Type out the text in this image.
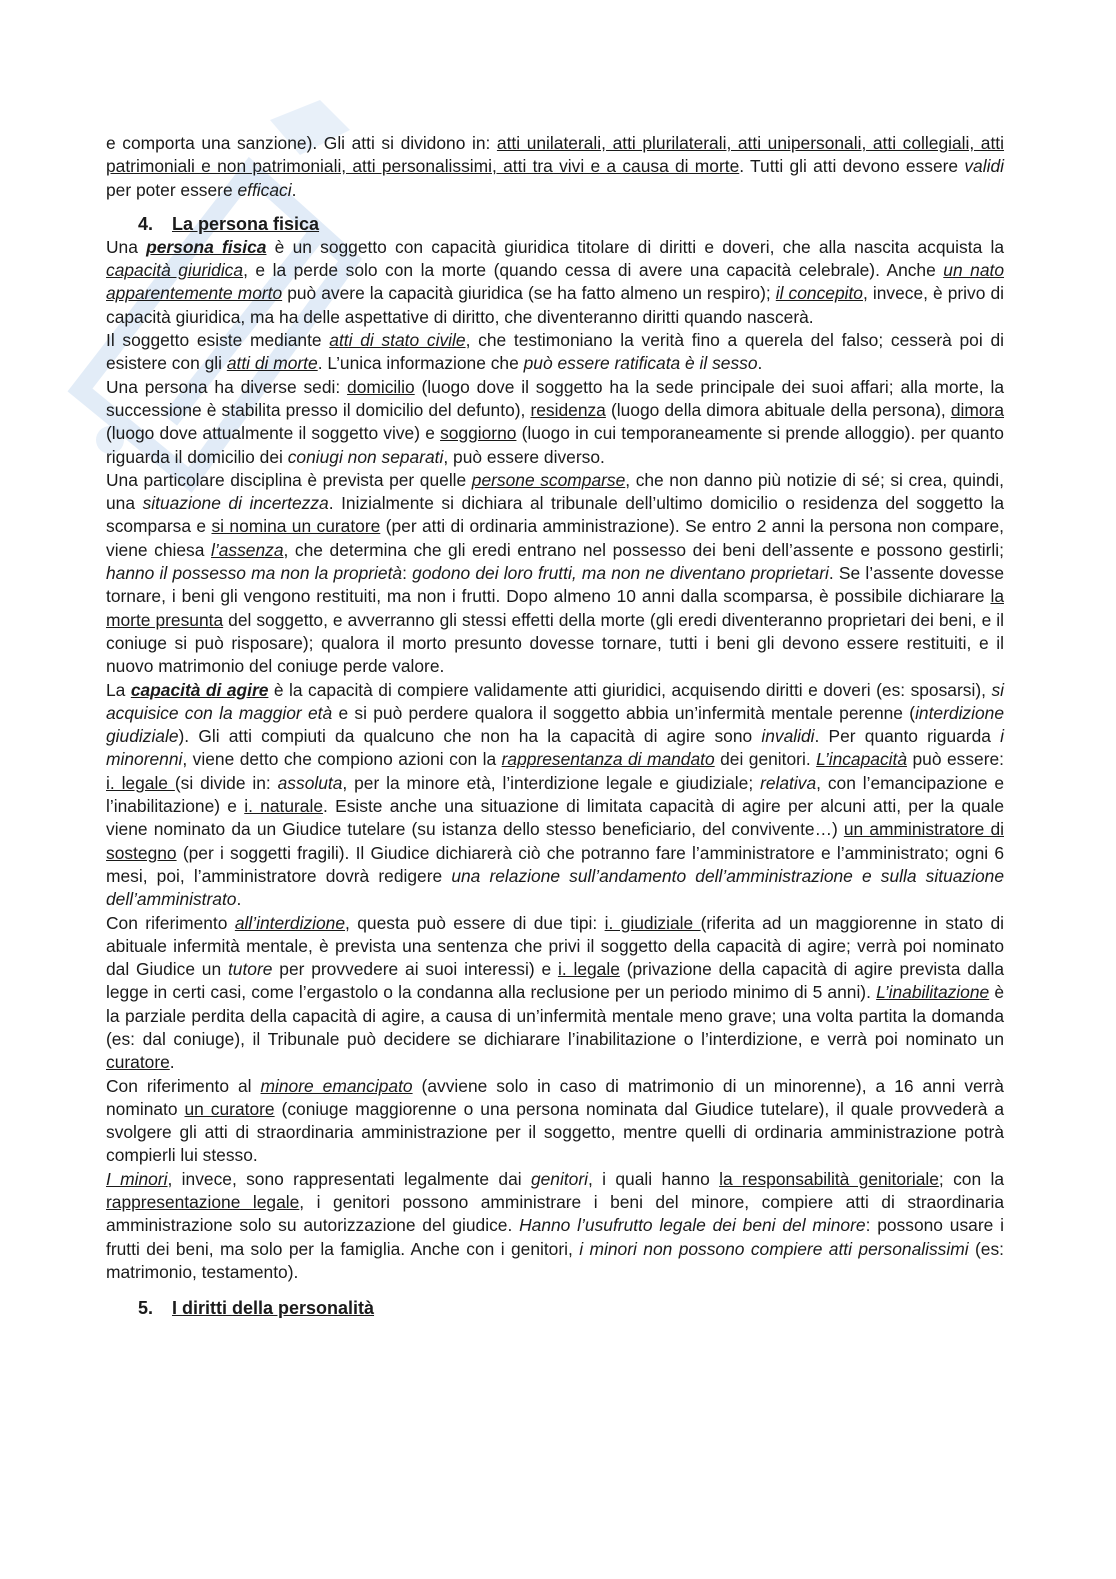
e comporta una sanzione). Gli atti si dividono in: atti unilaterali, atti plurilaterali, atti unipersonali, atti collegiali, atti patrimoniali e non patrimoniali, atti personalissimi, atti tra vivi e a causa di morte. Tutti gli atti devono essere validi per poter essere efficaci.

4. La persona fisica

Una persona fisica è un soggetto con capacità giuridica titolare di diritti e doveri, che alla nascita acquista la capacità giuridica, e la perde solo con la morte (quando cessa di avere una capacità celebrale). Anche un nato apparentemente morto può avere la capacità giuridica (se ha fatto almeno un respiro); il concepito, invece, è privo di capacità giuridica, ma ha delle aspettative di diritto, che diventeranno diritti quando nascerà.

Il soggetto esiste mediante atti di stato civile, che testimoniano la verità fino a querela del falso; cesserà poi di esistere con gli atti di morte. L’unica informazione che può essere ratificata è il sesso.

Una persona ha diverse sedi: domicilio (luogo dove il soggetto ha la sede principale dei suoi affari; alla morte, la successione è stabilita presso il domicilio del defunto), residenza (luogo della dimora abituale della persona), dimora (luogo dove attualmente il soggetto vive) e soggiorno (luogo in cui temporaneamente si prende alloggio). per quanto riguarda il domicilio dei coniugi non separati, può essere diverso.

Una particolare disciplina è prevista per quelle persone scomparse, che non danno più notizie di sé; si crea, quindi, una situazione di incertezza. Inizialmente si dichiara al tribunale dell’ultimo domicilio o residenza del soggetto la scomparsa e si nomina un curatore (per atti di ordinaria amministrazione). Se entro 2 anni la persona non compare, viene chiesa l’assenza, che determina che gli eredi entrano nel possesso dei beni dell’assente e possono gestirli; hanno il possesso ma non la proprietà: godono dei loro frutti, ma non ne diventano proprietari. Se l’assente dovesse tornare, i beni gli vengono restituiti, ma non i frutti. Dopo almeno 10 anni dalla scomparsa, è possibile dichiarare la morte presunta del soggetto, e avverranno gli stessi effetti della morte (gli eredi diventeranno proprietari dei beni, e il coniuge si può risposare); qualora il morto presunto dovesse tornare, tutti i beni gli devono essere restituiti, e il nuovo matrimonio del coniuge perde valore.

La capacità di agire è la capacità di compiere validamente atti giuridici, acquisendo diritti e doveri (es: sposarsi), si acquisice con la maggior età e si può perdere qualora il soggetto abbia un’infermità mentale perenne (interdizione giudiziale). Gli atti compiuti da qualcuno che non ha la capacità di agire sono invalidi. Per quanto riguarda i minorenni, viene detto che compiono azioni con la rappresentanza di mandato dei genitori. L’incapacità può essere: i. legale (si divide in: assoluta, per la minore età, l’interdizione legale e giudiziale; relativa, con l’emancipazione e l’inabilitazione) e i. naturale. Esiste anche una situazione di limitata capacità di agire per alcuni atti, per la quale viene nominato da un Giudice tutelare (su istanza dello stesso beneficiario, del convivente…) un amministratore di sostegno (per i soggetti fragili). Il Giudice dichiarerà ciò che potranno fare l’amministratore e l’amministrato; ogni 6 mesi, poi, l’amministratore dovrà redigere una relazione sull’andamento dell’amministrazione e sulla situazione dell’amministrato.

Con riferimento all’interdizione, questa può essere di due tipi: i. giudiziale (riferita ad un maggiorenne in stato di abituale infermità mentale, è prevista una sentenza che privi il soggetto della capacità di agire; verrà poi nominato dal Giudice un tutore per provvedere ai suoi interessi) e i. legale (privazione della capacità di agire prevista dalla legge in certi casi, come l’ergastolo o la condanna alla reclusione per un periodo minimo di 5 anni). L’inabilitazione è la parziale perdita della capacità di agire, a causa di un’infermità mentale meno grave; una volta partita la domanda (es: dal coniuge), il Tribunale può decidere se dichiarare l’inabilitazione o l’interdizione, e verrà poi nominato un curatore.

Con riferimento al minore emancipato (avviene solo in caso di matrimonio di un minorenne), a 16 anni verrà nominato un curatore (coniuge maggiorenne o una persona nominata dal Giudice tutelare), il quale provvederà a svolgere gli atti di straordinaria amministrazione per il soggetto, mentre quelli di ordinaria amministrazione potrà compierli lui stesso.

I minori, invece, sono rappresentati legalmente dai genitori, i quali hanno la responsabilità genitoriale; con la rappresentazione legale, i genitori possono amministrare i beni del minore, compiere atti di straordinaria amministrazione solo su autorizzazione del giudice. Hanno l’usufrutto legale dei beni del minore: possono usare i frutti dei beni, ma solo per la famiglia. Anche con i genitori, i minori non possono compiere atti personalissimi (es: matrimonio, testamento).

5. I diritti della personalità
